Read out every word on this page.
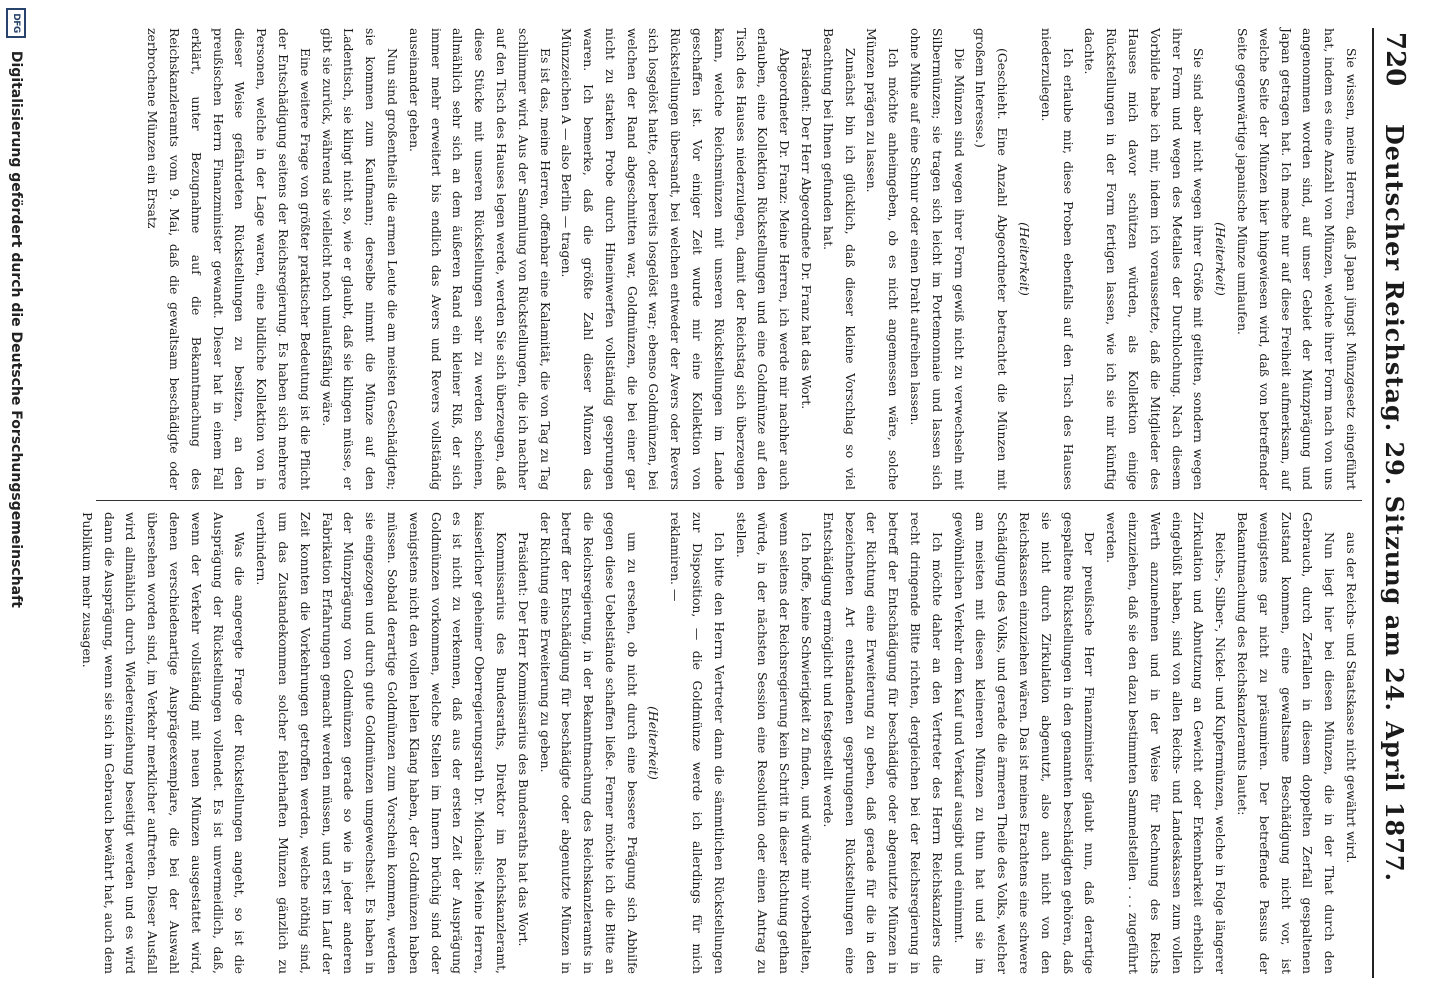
720
Deutscher Reichstag. 29. Sitzung am 24. April 1877.

Sie wissen, meine Herren, daß Japan jüngst Münzgesetz eingeführt hat, indem es eine Anzahl von Münzen, welche ihrer Form nach von uns angenommen worden sind, auf unser Gebiet der Münzprägung und Japan getragen hat. Ich mache nur auf diese Freiheit aufmerksam, auf welche Seite der Münzen hier hingewiesen wird, daß von betreffender Seite gegenwärtige japanische Münze umlaufen.

(Heiterkeit)

Sie sind aber nicht wegen ihrer Größe mit gelitten, sondern wegen ihrer Form und wegen des Metalles der Durchlochung. Nach diesem Vorbilde habe ich mir, indem ich voraussetzte, daß die Mitglieder des Hauses mich davor schützen würden, als Kollektion einige Rückstellungen in der Form fertigen lassen, wie ich sie mir künftig dachte.

Ich erlaube mir, diese Proben ebenfalls auf den Tisch des Hauses niederzulegen.

(Heiterkeit)

(Geschieht. Eine Anzahl Abgeordneter betrachtet die Münzen mit großem Interesse.)

Die Münzen sind wegen ihrer Form gewiß nicht zu verwechseln mit Silbermünzen; sie tragen sich leicht im Portemonnaie und lassen sich ohne Mühe auf eine Schnur oder einen Draht aufreihen lassen.

Ich möchte anheimgeben, ob es nicht angemessen wäre, solche Münzen prägen zu lassen.

Zunächst bin ich glücklich, daß dieser kleine Vorschlag so viel Beachtung bei Ihnen gefunden hat.

Präsident: Der Herr Abgeordnete Dr. Franz hat das Wort.

Abgeordneter Dr. Franz: Meine Herren, ich werde mir nachher auch erlauben, eine Kollektion Rückstellungen und eine Goldmünze auf den Tisch des Hauses niederzulegen, damit der Reichstag sich überzeugen kann, welche Reichsmünzen mit unseren Rückstellungen im Lande geschaffen ist. Vor einiger Zeit wurde mir eine Kollektion von Rückstellungen übersandt, bei welchen entweder der Avers oder Revers sich losgelöst hatte, oder bereits losgelöst war; ebenso Goldmünzen, bei welchen der Rand abgeschnitten war, Goldmünzen, die bei einer gar nicht zu starken Probe durch Hineinwerfen vollständig gesprungen waren. Ich bemerke, daß die größte Zahl dieser Münzen das Münzzeichen A — also Berlin — tragen.

Es ist das, meine Herren, offenbar eine Kalamität, die von Tag zu Tag schlimmer wird. Aus der Sammlung von Rückstellungen, die ich nachher auf den Tisch des Hauses legen werde, werden Sie sich überzeugen, daß diese Stücke mit unseren Rückstellungen sehr zu werden scheinen, allmählich sehr sich an dem äußeren Rand ein kleiner Riß, der sich immer mehr erweitert bis endlich das Avers und Revers vollständig auseinander gehen.

Nun sind großentheils die armen Leute die am meisten Geschädigten; sie kommen zum Kaufmann; derselbe nimmt die Münze auf den Ladentisch, sie klingt nicht so, wie er glaubt, daß sie klingen müsse, er gibt sie zurück, während sie vielleicht noch umlaufsfähig wäre.

Eine weitere Frage von größter praktischer Bedeutung ist die Pflicht der Entschädigung seitens der Reichsregierung. Es haben sich mehrere Personen, welche in der Lage waren, eine bildliche Kollektion von in dieser Weise gefährdeten Rückstellungen zu besitzen, an den preußischen Herrn Finanzminister gewandt. Dieser hat in einem Fall erklärt, unter Bezugnahme auf die Bekanntmachung des Reichskanzleramts vom 9. Mai, daß die gewaltsam beschädigte oder zerbrochene Münzen ein Ersatz

aus der Reichs- und Staatskasse nicht gewährt wird.

Nun liegt hier bei diesen Münzen, die in der That durch den Gebrauch, durch Zerfallen in diesem doppelten Zerfall gespaltenen Zustand kommen, eine gewaltsame Beschädigung nicht vor, ist wenigstens gar nicht zu präsumiren. Der betreffende Passus der Bekanntmachung des Reichskanzleramts lautet:

Reichs-, Silber-, Nickel- und Kupfermünzen, welche in Folge längerer Zirkulation und Abnutzung an Gewicht oder Erkennbarkeit erheblich eingebüßt haben, sind von allen Reichs- und Landeskassen zum vollen Werth anzunehmen und in der Weise für Rechnung des Reichs einzuziehen, daß sie den dazu bestimmten Sammelstellen . . . zugeführt werden.

Der preußische Herr Finanzminister glaubt nun, daß derartige gespaltene Rückstellungen in den genannten beschädigten gehören, daß sie nicht durch Zirkulation abgenutzt, also auch nicht von den Reichskassen einzuziehen wären. Das ist meines Erachtens eine schwere Schädigung des Volks, und gerade die ärmeren Theile des Volks, welcher am meisten mit diesen kleineren Münzen zu thun hat und sie im gewöhnlichen Verkehr dem Kauf und Verkauf ausgibt und einnimmt.

Ich möchte daher an den Vertreter des Herrn Reichskanzlers die recht dringende Bitte richten, dergleichen bei der Reichsregierung in betreff der Entschädigung für beschädigte oder abgenutzte Münzen in der Richtung eine Erweiterung zu geben, daß gerade für die in den bezeichneten Art entstandenen gesprungenen Rückstellungen eine Entschädigung ermöglicht und festgestellt werde.

Ich hoffe, keine Schwierigkeit zu finden, und würde mir vorbehalten, wenn seitens der Reichsregierung kein Schritt in dieser Richtung gethan würde, in der nächsten Session eine Resolution oder einen Antrag zu stellen.

Ich bitte den Herrn Vertreter dann die sämmtlichen Rückstellungen zur Disposition, — die Goldmünze werde ich allerdings für mich reklamiren. —

(Heiterkeit)

um zu ersehen, ob nicht durch eine bessere Prägung sich Abhilfe gegen diese Uebelstände schaffen ließe. Ferner möchte ich die Bitte an die Reichsregierung, in der Bekanntmachung des Reichskanzleramts in betreff der Entschädigung für beschädigte oder abgenutzte Münzen in der Richtung eine Erweiterung zu geben.

Präsident: Der Herr Kommissarius des Bundesraths hat das Wort.

Kommissarius des Bundesraths, Direktor im Reichskanzleramt, kaiserlicher geheimer Oberregierungsrath Dr. Michaelis: Meine Herren, es ist nicht zu verkennen, daß aus der ersten Zeit der Ausprägung Goldmünzen vorkommen, welche Stellen im Innern brüchig sind oder wenigstens nicht den vollen hellen Klang haben, der Goldmünzen haben müssen. Sobald derartige Goldmünzen zum Vorschein kommen, werden sie eingezogen und durch gute Goldmünzen umgewechselt. Es haben in der Münzprägung von Goldmünzen gerade so wie in jeder anderen Fabrikation Erfahrungen gemacht werden müssen, und erst im Lauf der Zeit konnten die Vorkehrungen getroffen werden, welche nöthig sind, um das Zustandekommen solcher fehlerhaften Münzen gänzlich zu verhindern.

Was die angeregte Frage der Rückstellungen angeht, so ist die Ausprägung der Rückstellungen vollendet. Es ist unvermeidlich, daß, wenn der Verkehr vollständig mit neuen Münzen ausgestattet wird, denen verschiedenartige Ausprägeexemplare, die bei der Auswahl übersehen worden sind, im Verkehr merklicher auftreten. Dieser Ausfall wird allmählich durch Wiedereinziehung beseitigt werden und es wird dann die Ausprägung, wenn sie sich im Gebrauch bewährt hat, auch dem Publikum mehr zusagen.

DFG Digitalisierung gefördert durch die Deutsche Forschungsgemeinschaft
